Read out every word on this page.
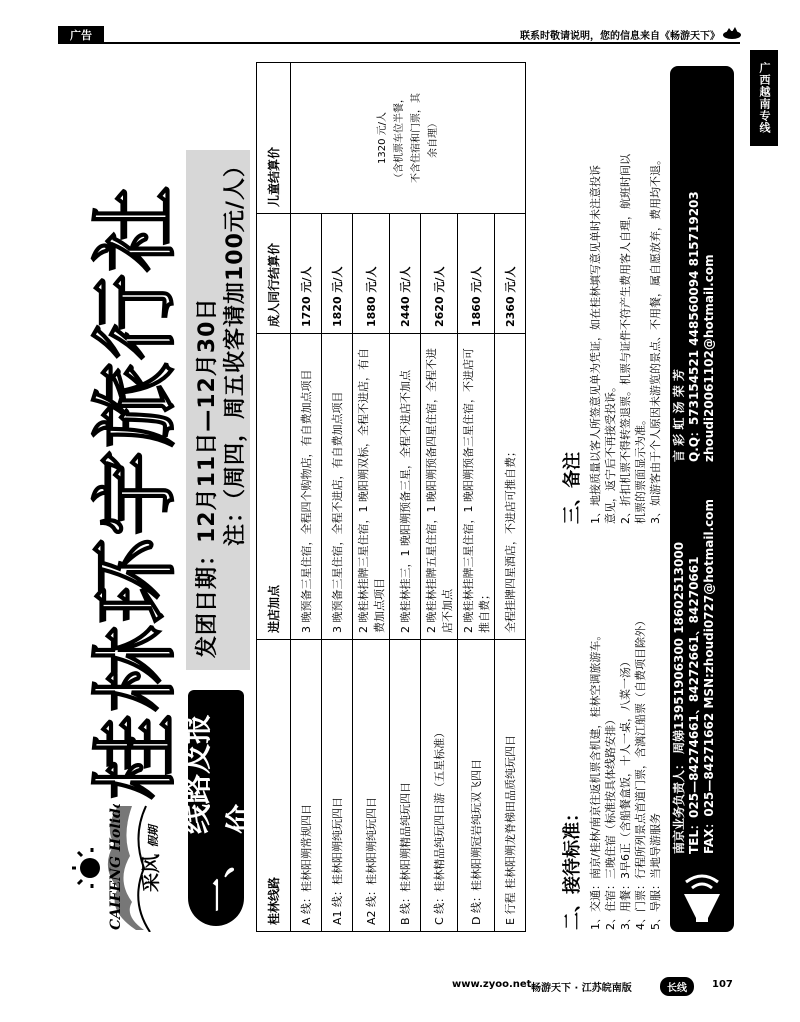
广告	联系时敬请说明，您的信息来自《畅游天下》
广西越南专线
CAIFENG Holiday 采风 假期
桂林环宇旅行社
一、
线路及报价
发团日期：12月11日—12月30日 注：（周四，周五收客请加100元/人）
桂林线路	进店加点	成人同行结算价	儿童结算价
A 线：桂林阳朔常规四日	3 晚预备三星住宿，全程四个购物店，有自费加点项目	1720 元/人	1320 元/人 （含机票车位半餐， 不含住宿和门票，其 余自理）

A1 线：桂林阳朔纯玩四日	3 晚预备三星住宿，全程不进店，有自费加点项目	1820 元/人	
A2 线：桂林阳朔纯玩四日	2 晚桂林挂牌三星住宿，1 晚阳朔双标，全程不进店，有自费加点项目	1880 元/人	
B 线：桂林阳朔精品纯玩四日	2 晚桂林挂三，1 晚阳朔预备三星，全程不进店不加点	2440 元/人	
C 线：桂林精品纯玩四日游（五星标准）	2 晚桂林挂牌五星住宿，1 晚阳朔预备四星住宿，全程不进店不加点	2620 元/人	
D 线：桂林阳朔冠岩纯玩双飞四日	2 晚桂林挂牌三星住宿，1 晚阳朔预备三星住宿，不进店可推自费；	1860 元/人	
E 行程 桂林阳朔龙脊梯田品质纯玩四日	全程挂牌四星酒店，不进店可推自费；	2360 元/人	
二、接待标准： 1、交通：南京/桂林/南京往返机票含机建，桂林空调旅游车。 2、住宿：三晚住宿（标准按具体线路安排） 3、用餐：3早6正（含船餐盒饭，十人一桌，八菜一汤） 4、门票：行程所列景点首道门票，含漓江船票（自费项目除外） 5、导服：当地导游服务
三、备注 1、地接质量以客人所签意见单为凭证，如在桂林填写意见单时未注意投诉 意见，返宁后不再接受投诉。 2、折扣机票不得转签退票。机票与证件不符产生费用客人自理，航班时间以 机票的票面显示为准。 3、如游客由于个人原因未游览的景点、不用餐，属自愿放弃，费用均不退。
南京业务负责人： 周娣13951906300 18602513000 TEL：025—84274661、84272661、84270661 FAX：025—84271662 MSN:zhoudi0727@hotmail.com
言 彩 虹 汤 荣 芳 Q.Q：573154521 448560094 815719203 zhoudi20061102@hotmail.com
www.zyoo.net 畅游天下 · 江苏皖南版	长线	107
